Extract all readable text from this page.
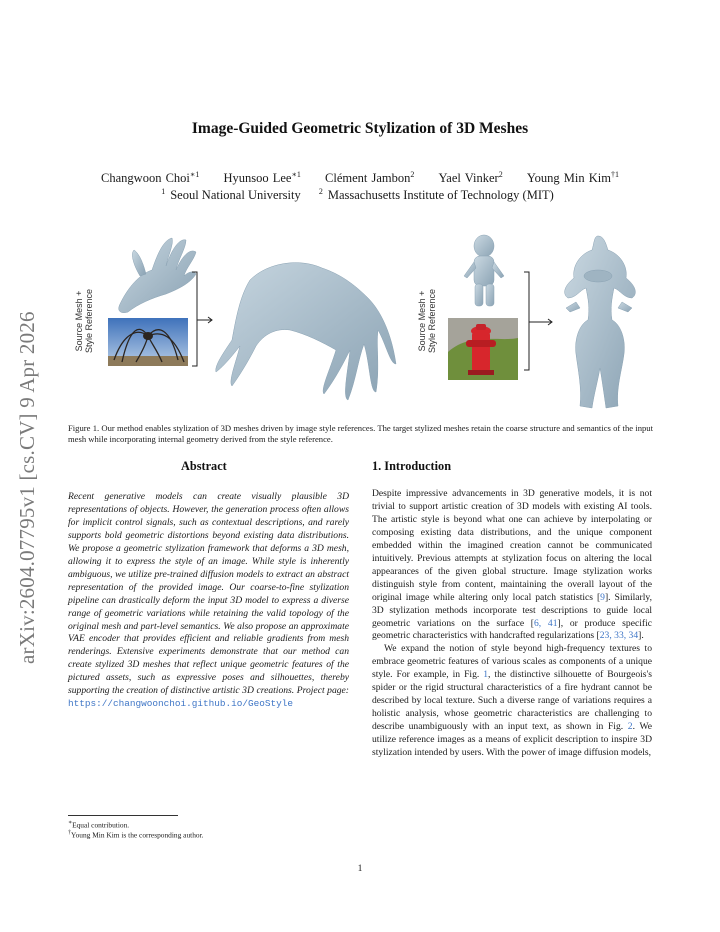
arXiv:2604.07795v1 [cs.CV] 9 Apr 2026
Image-Guided Geometric Stylization of 3D Meshes
Changwoon Choi$^{∗1}$ Hyunsoo Lee$^{∗1}$ Clément Jambon$^2$ Yael Vinker$^2$ Young Min Kim$^{\dagger 1}$
$^1$ Seoul National University $^2$ Massachusetts Institute of Technology (MIT)
Source Mesh + Style Reference	Source Mesh + Style Reference
Figure 1. Our method enables stylization of 3D meshes driven by image style references. The target stylized meshes retain the coarse structure and semantics of the input mesh while incorporating internal geometry derived from the style reference.
Abstract
Recent generative models can create visually plausible 3D representations of objects. However, the generation process often allows for implicit control signals, such as contextual descriptions, and rarely supports bold geometric distortions beyond existing data distributions. We propose a geometric stylization framework that deforms a 3D mesh, allowing it to express the style of an image. While style is inherently ambiguous, we utilize pre-trained diffusion models to extract an abstract representation of the provided image. Our coarse-to-fine stylization pipeline can drastically deform the input 3D model to express a diverse range of geometric variations while retaining the valid topology of the original mesh and part-level semantics. We also propose an approximate VAE encoder that provides efficient and reliable gradients from mesh renderings. Extensive experiments demonstrate that our method can create stylized 3D meshes that reflect unique geometric features of the pictured assets, such as expressive poses and silhouettes, thereby supporting the creation of distinctive artistic 3D creations. Project page: https://changwoonchoi.github.io/GeoStyle
1. Introduction

Despite impressive advancements in 3D generative models, it is not trivial to support artistic creation of 3D models with existing AI tools. The artistic style is beyond what one can achieve by interpolating or composing existing data distributions, and the unique component embedded within the imagined creation cannot be communicated intuitively. Previous attempts at stylization focus on altering the local appearances of the given global structure. Image stylization works distinguish style from content, maintaining the overall layout of the original image while altering only local patch statistics [9]. Similarly, 3D stylization methods incorporate test descriptions to guide local geometric variations on the surface [6, 41], or produce specific geometric characteristics with handcrafted regularizations [23, 33, 34].

We expand the notion of style beyond high-frequency textures to embrace geometric features of various scales as components of a unique style. For example, in Fig. 1, the distinctive silhouette of Bourgeois's spider or the rigid structural characteristics of a fire hydrant cannot be described by local texture. Such a diverse range of variations requires a holistic analysis, whose geometric characteristics are challenging to describe unambiguously with an input text, as shown in Fig. 2. We utilize reference images as a means of explicit description to inspire 3D stylization intended by users. With the power of image diffusion models,

∗Equal contribution.
†Young Min Kim is the corresponding author.
1
